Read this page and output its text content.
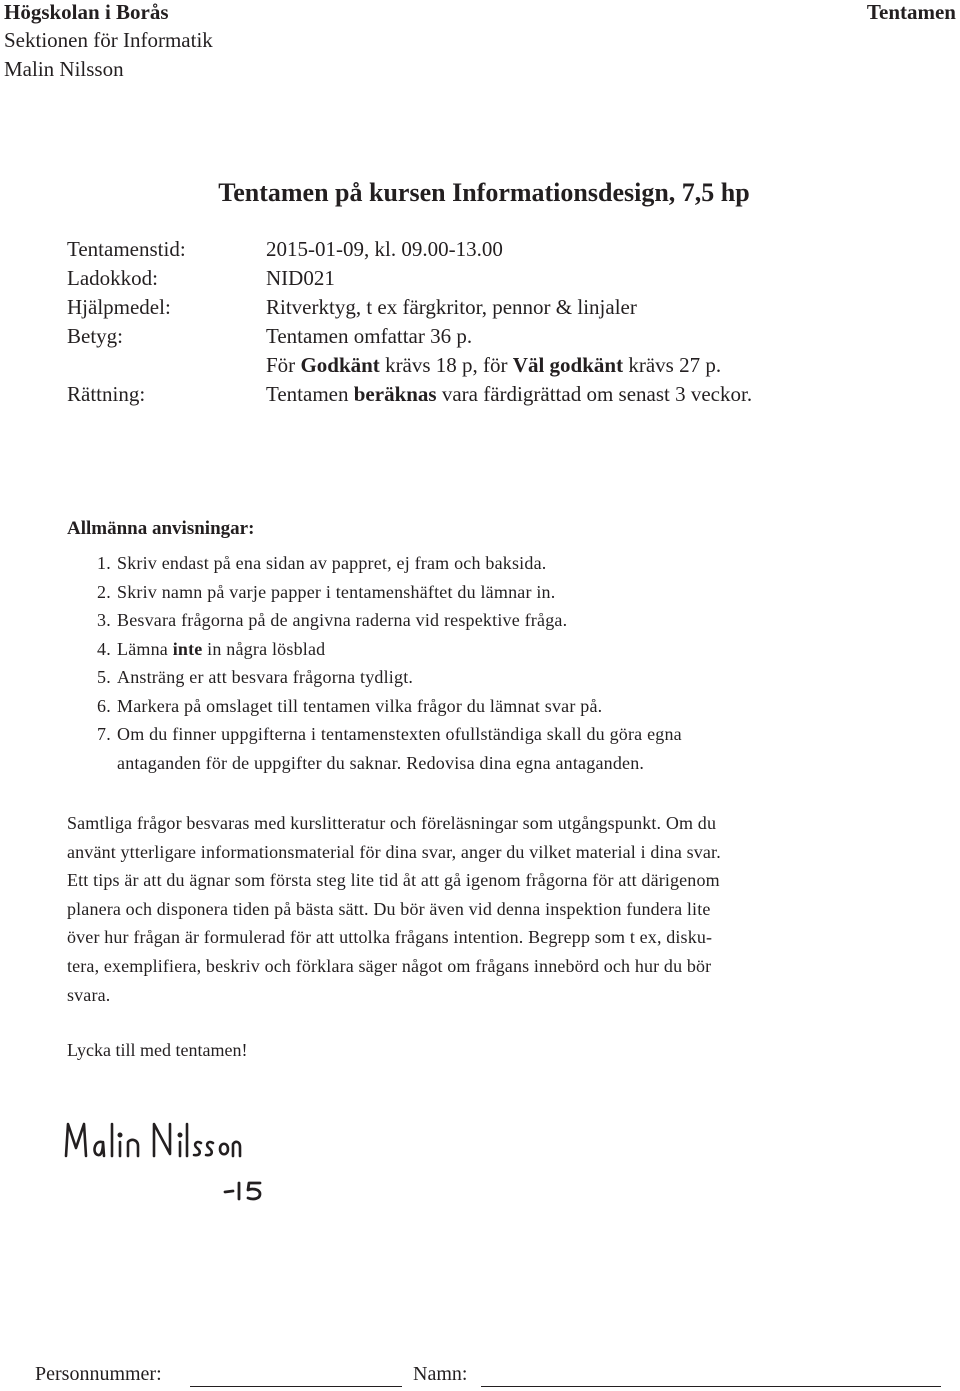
Högskolan i Borås
Sektionen för Informatik
Malin Nilsson
Tentamen
Tentamen på kursen Informationsdesign, 7,5 hp
Tentamenstid:	2015-01-09, kl. 09.00-13.00
Ladokkod:	NID021
Hjälpmedel:	Ritverktyg, t ex färgkritor, pennor & linjaler
Betyg:	Tentamen omfattar 36 p.
För Godkänt krävs 18 p, för Väl godkänt krävs 27 p.
Rättning:	Tentamen beräknas vara färdigrättad om senast 3 veckor.
Allmänna anvisningar:
1. Skriv endast på ena sidan av pappret, ej fram och baksida.
2. Skriv namn på varje papper i tentamenshäftet du lämnar in.
3. Besvara frågorna på de angivna raderna vid respektive fråga.
4. Lämna inte in några lösblad
5. Ansträng er att besvara frågorna tydligt.
6. Markera på omslaget till tentamen vilka frågor du lämnat svar på.
7. Om du finner uppgifterna i tentamenstexten ofullständiga skall du göra egna
antaganden för de uppgifter du saknar. Redovisa dina egna antaganden.
Samtliga frågor besvaras med kurslitteratur och föreläsningar som utgångspunkt. Om du
använt ytterligare informationsmaterial för dina svar, anger du vilket material i dina svar.
Ett tips är att du ägnar som första steg lite tid åt att gå igenom frågorna för att därigenom
planera och disponera tiden på bästa sätt. Du bör även vid denna inspektion fundera lite
över hur frågan är formulerad för att uttolka frågans intention. Begrepp som t ex, disku-
tera, exemplifiera, beskriv och förklara säger något om frågans innebörd och hur du bör
svara.
Lycka till med tentamen!
Personnummer:	Namn:
